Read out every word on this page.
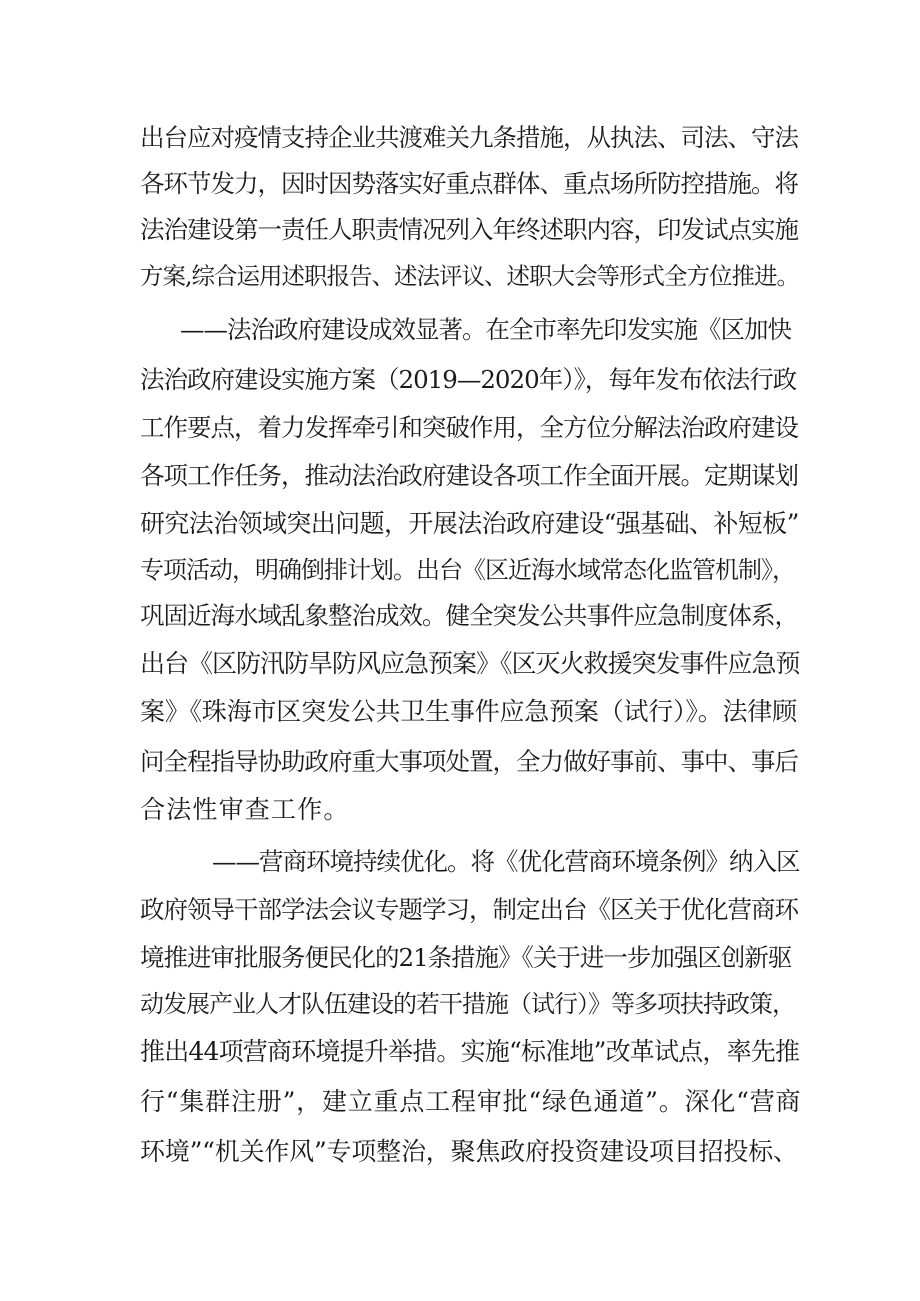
出台应对疫情支持企业共渡难关九条措施，从执法、司法、守法
各环节发力，因时因势落实好重点群体、重点场所防控措施。将
法治建设第一责任人职责情况列入年终述职内容，印发试点实施
方案,综合运用述职报告、述法评议、述职大会等形式全方位推进。
——法治政府建设成效显著。在全市率先印发实施《区加快
法治政府建设实施方案（2019—2020年）》，每年发布依法行政
工作要点，着力发挥牵引和突破作用，全方位分解法治政府建设
各项工作任务，推动法治政府建设各项工作全面开展。定期谋划
研究法治领域突出问题，开展法治政府建设“强基础、补短板”
专项活动，明确倒排计划。出台《区近海水域常态化监管机制》，
巩固近海水域乱象整治成效。健全突发公共事件应急制度体系，
出台《区防汛防旱防风应急预案》《区灭火救援突发事件应急预
案》《珠海市区突发公共卫生事件应急预案（试行）》。法律顾
问全程指导协助政府重大事项处置，全力做好事前、事中、事后
合法性审查工作。
——营商环境持续优化。将《优化营商环境条例》纳入区
政府领导干部学法会议专题学习，制定出台《区关于优化营商环
境推进审批服务便民化的21条措施》《关于进一步加强区创新驱
动发展产业人才队伍建设的若干措施（试行）》等多项扶持政策，
推出44项营商环境提升举措。实施“标准地”改革试点，率先推
行“集群注册”，建立重点工程审批“绿色通道”。深化“营商
环境”“机关作风”专项整治，聚焦政府投资建设项目招投标、
